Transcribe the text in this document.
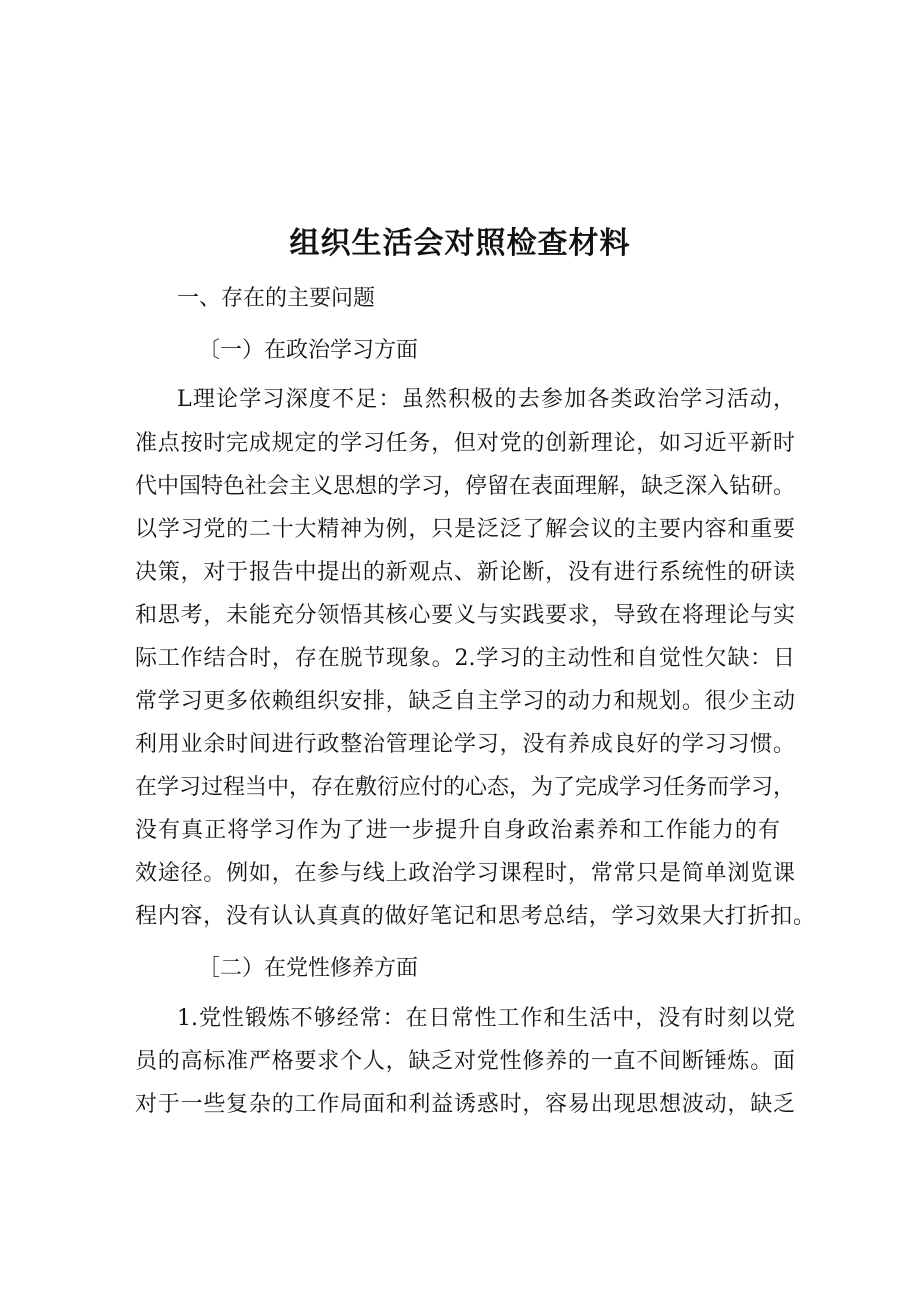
组织生活会对照检查材料
一、存在的主要问题
〔一）在政治学习方面
L理论学习深度不足：虽然积极的去参加各类政治学习活动，
准点按时完成规定的学习任务，但对党的创新理论，如习近平新时
代中国特色社会主义思想的学习，停留在表面理解，缺乏深入钻研。
以学习党的二十大精神为例，只是泛泛了解会议的主要内容和重要
决策，对于报告中提出的新观点、新论断，没有进行系统性的研读
和思考，未能充分领悟其核心要义与实践要求，导致在将理论与实
际工作结合时，存在脱节现象。2.学习的主动性和自觉性欠缺：日
常学习更多依赖组织安排，缺乏自主学习的动力和规划。很少主动
利用业余时间进行政整治管理论学习，没有养成良好的学习习惯。
在学习过程当中，存在敷衍应付的心态，为了完成学习任务而学习，
没有真正将学习作为了进一步提升自身政治素养和工作能力的有
效途径。例如，在参与线上政治学习课程时，常常只是简单浏览课
程内容，没有认认真真的做好笔记和思考总结，学习效果大打折扣。
［二）在党性修养方面
1.党性锻炼不够经常：在日常性工作和生活中，没有时刻以党
员的高标准严格要求个人，缺乏对党性修养的一直不间断锤炼。面
对于一些复杂的工作局面和利益诱惑时，容易出现思想波动，缺乏
